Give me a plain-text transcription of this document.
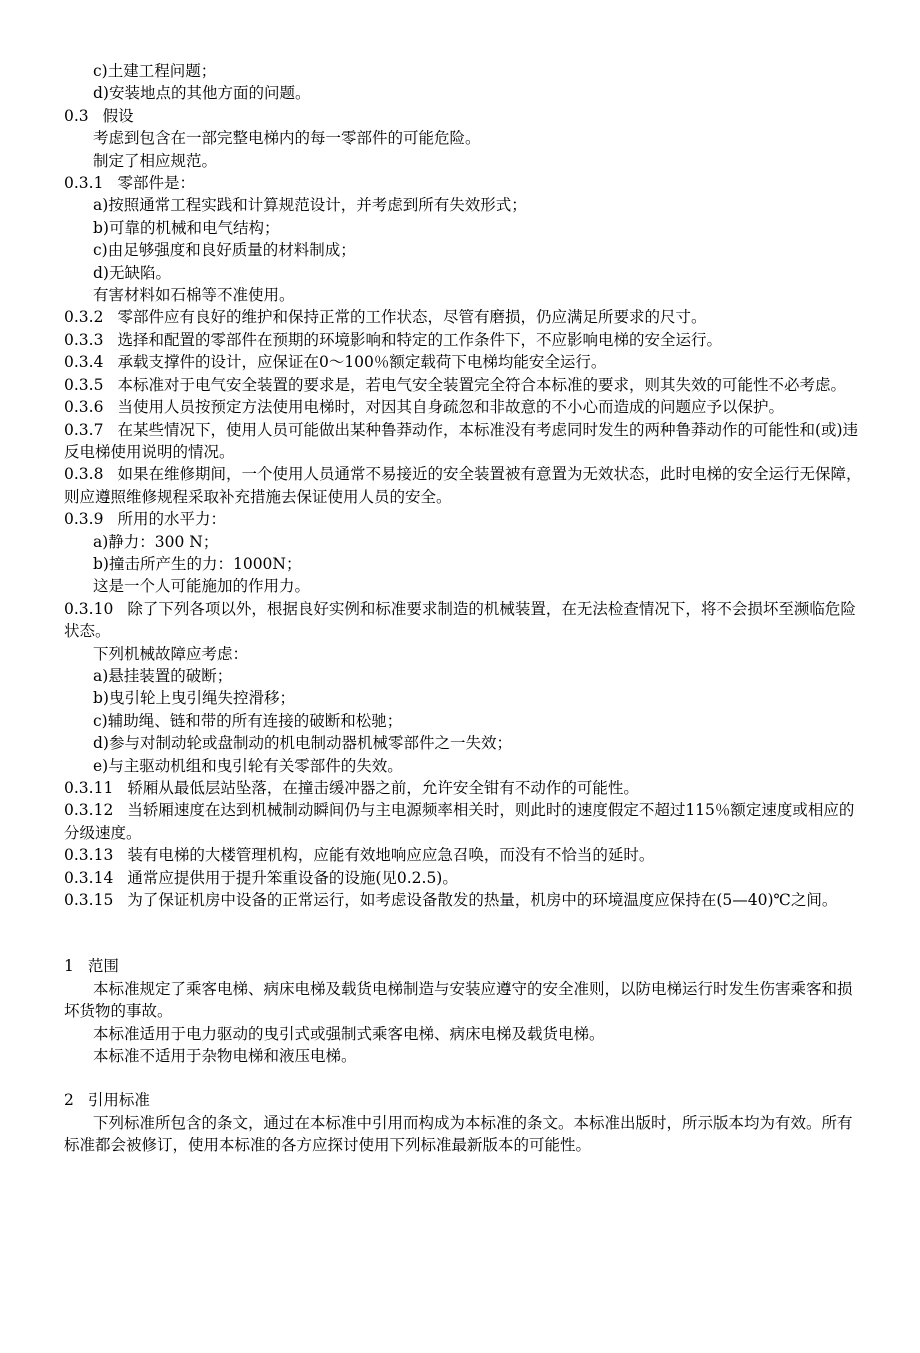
c)土建工程问题；
d)安装地点的其他方面的问题。
0.3 假设
考虑到包含在一部完整电梯内的每一零部件的可能危险。
制定了相应规范。
0.3.1 零部件是：
a)按照通常工程实践和计算规范设计，并考虑到所有失效形式；
b)可靠的机械和电气结构；
c)由足够强度和良好质量的材料制成；
d)无缺陷。
有害材料如石棉等不准使用。
0.3.2 零部件应有良好的维护和保持正常的工作状态，尽管有磨损，仍应满足所要求的尺寸。
0.3.3 选择和配置的零部件在预期的环境影响和特定的工作条件下，不应影响电梯的安全运行。
0.3.4 承载支撑件的设计，应保证在0～100％额定载荷下电梯均能安全运行。
0.3.5 本标准对于电气安全装置的要求是，若电气安全装置完全符合本标准的要求，则其失效的可能性不必考虑。
0.3.6 当使用人员按预定方法使用电梯时，对因其自身疏忽和非故意的不小心而造成的问题应予以保护。
0.3.7 在某些情况下，使用人员可能做出某种鲁莽动作，本标准没有考虑同时发生的两种鲁莽动作的可能性和(或)违反电梯使用说明的情况。
0.3.8 如果在维修期间，一个使用人员通常不易接近的安全装置被有意置为无效状态，此时电梯的安全运行无保障，则应遵照维修规程采取补充措施去保证使用人员的安全。
0.3.9 所用的水平力：
a)静力：300 N；
b)撞击所产生的力：1000N；
这是一个人可能施加的作用力。
0.3.10 除了下列各项以外，根据良好实例和标准要求制造的机械装置，在无法检查情况下，将不会损坏至濒临危险状态。
下列机械故障应考虑：
a)悬挂装置的破断；
b)曳引轮上曳引绳失控滑移；
c)辅助绳、链和带的所有连接的破断和松驰；
d)参与对制动轮或盘制动的机电制动器机械零部件之一失效；
e)与主驱动机组和曳引轮有关零部件的失效。
0.3.11 轿厢从最低层站坠落，在撞击缓冲器之前，允许安全钳有不动作的可能性。
0.3.12 当轿厢速度在达到机械制动瞬间仍与主电源频率相关时，则此时的速度假定不超过115％额定速度或相应的分级速度。
0.3.13 装有电梯的大楼管理机构，应能有效地响应应急召唤，而没有不恰当的延时。
0.3.14 通常应提供用于提升笨重设备的设施(见0.2.5)。
0.3.15 为了保证机房中设备的正常运行，如考虑设备散发的热量，机房中的环境温度应保持在(5—40)℃之间。
1 范围
本标准规定了乘客电梯、病床电梯及载货电梯制造与安装应遵守的安全准则，以防电梯运行时发生伤害乘客和损坏货物的事故。
本标准适用于电力驱动的曳引式或强制式乘客电梯、病床电梯及载货电梯。
本标准不适用于杂物电梯和液压电梯。
2 引用标准
下列标准所包含的条文，通过在本标准中引用而构成为本标准的条文。本标准出版时，所示版本均为有效。所有标准都会被修订，使用本标准的各方应探讨使用下列标准最新版本的可能性。
